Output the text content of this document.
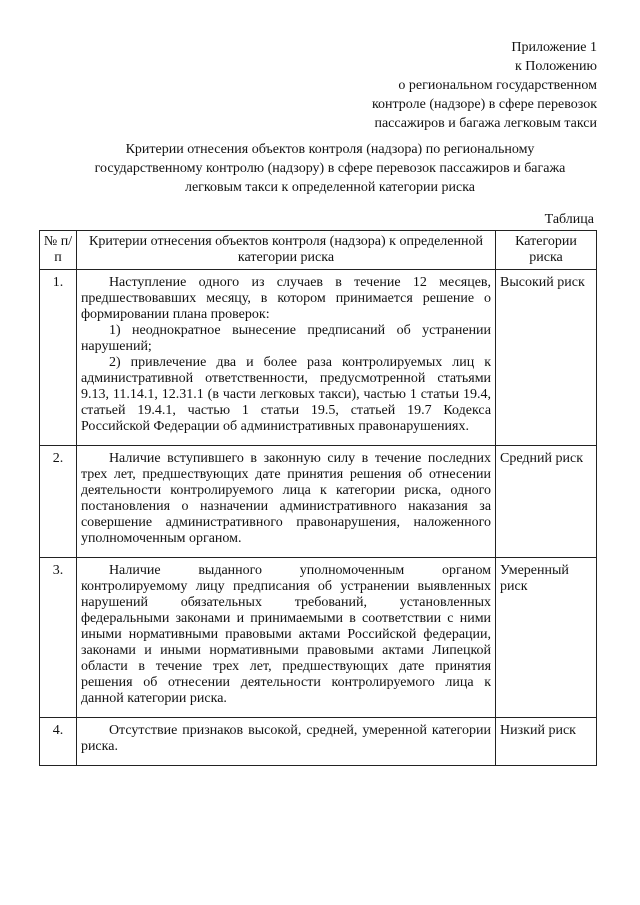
Приложение 1
к Положению
о региональном государственном
контроле (надзоре) в сфере перевозок
пассажиров и багажа легковым такси
Критерии отнесения объектов контроля (надзора) по региональному
государственному контролю (надзору) в сфере перевозок пассажиров и багажа
легковым такси к определенной категории риска
Таблица
№ п/п	Критерии отнесения объектов контроля (надзора) к определенной категории риска	Категории риска
1.	Наступление одного из случаев в течение 12 месяцев, предшествовавших месяцу, в котором принимается решение о формировании плана проверок:

1) неоднократное вынесение предписаний об устранении нарушений;

2) привлечение два и более раза контролируемых лиц к административной ответственности, предусмотренной статьями 9.13, 11.14.1, 12.31.1 (в части легковых такси), частью 1 статьи 19.4, статьей 19.4.1, частью 1 статьи 19.5, статьей 19.7 Кодекса Российской Федерации об административных правонарушениях.	Высокий риск
2.	Наличие вступившего в законную силу в течение последних трех лет, предшествующих дате принятия решения об отнесении деятельности контролируемого лица к категории риска, одного постановления о назначении административного наказания за совершение административного правонарушения, наложенного уполномоченным органом.	Средний риск
3.	Наличие выданного уполномоченным органом контролируемому лицу предписания об устранении выявленных нарушений обязательных требований, установленных федеральными законами и принимаемыми в соответствии с ними иными нормативными правовыми актами Российской федерации, законами и иными нормативными правовыми актами Липецкой области в течение трех лет, предшествующих дате принятия решения об отнесении деятельности контролируемого лица к данной категории риска.	Умеренный риск
4.	Отсутствие признаков высокой, средней, умеренной категории риска.	Низкий риск
